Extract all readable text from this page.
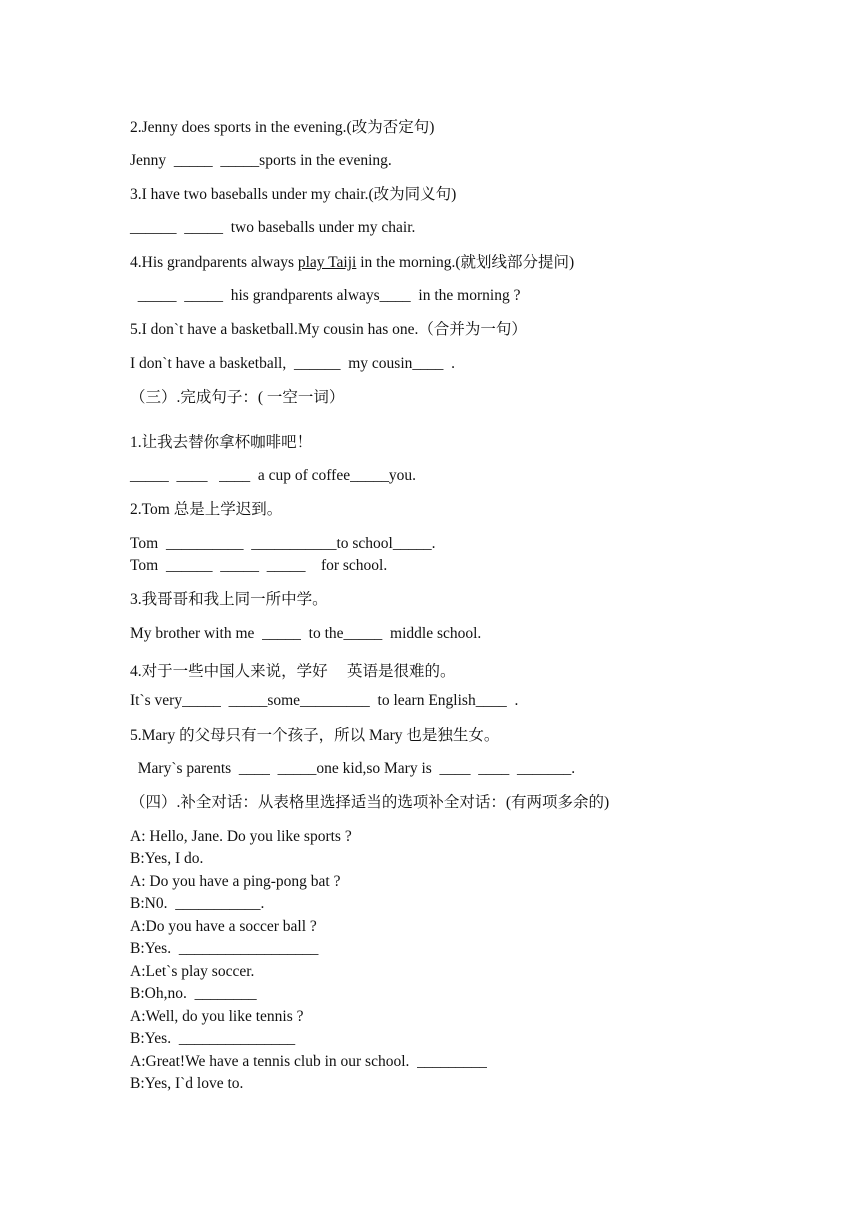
2.Jenny does sports in the evening.(改为否定句)
Jenny  _____  _____sports in the evening.
3.I have two baseballs under my chair.(改为同义句)
______  _____  two baseballs under my chair.
4.His grandparents always play Taiji in the morning.(就划线部分提问)
_____  _____  his grandparents always____  in the morning ?
5.I don`t have a basketball.My cousin has one.（合并为一句）
I don`t have a basketball,  ______  my cousin____  .
（三）.完成句子：( 一空一词）
1.让我去替你拿杯咖啡吧！
_____  ____   ____  a cup of coffee_____you.
2.Tom 总是上学迟到。
Tom  __________  ___________to school_____.
Tom  ______  _____  _____    for school.
3.我哥哥和我上同一所中学。
My brother with me  _____  to the_____  middle school.
4.对于一些中国人来说，学好     英语是很难的。
It`s very_____  _____some_________  to learn English____  .
5.Mary 的父母只有一个孩子，所以 Mary 也是独生女。
Mary`s parents  ____  _____one kid,so Mary is  ____  ____  _______.
（四）.补全对话：从表格里选择适当的选项补全对话：(有两项多余的)
A: Hello, Jane. Do you like sports ?
B:Yes, I do.
A: Do you have a ping-pong bat ?
B:N0.  ___________.
A:Do you have a soccer ball ?
B:Yes.  __________________
A:Let`s play soccer.
B:Oh,no.  ________
A:Well, do you like tennis ?
B:Yes.  _______________
A:Great!We have a tennis club in our school.  _________
B:Yes, I`d love to.
